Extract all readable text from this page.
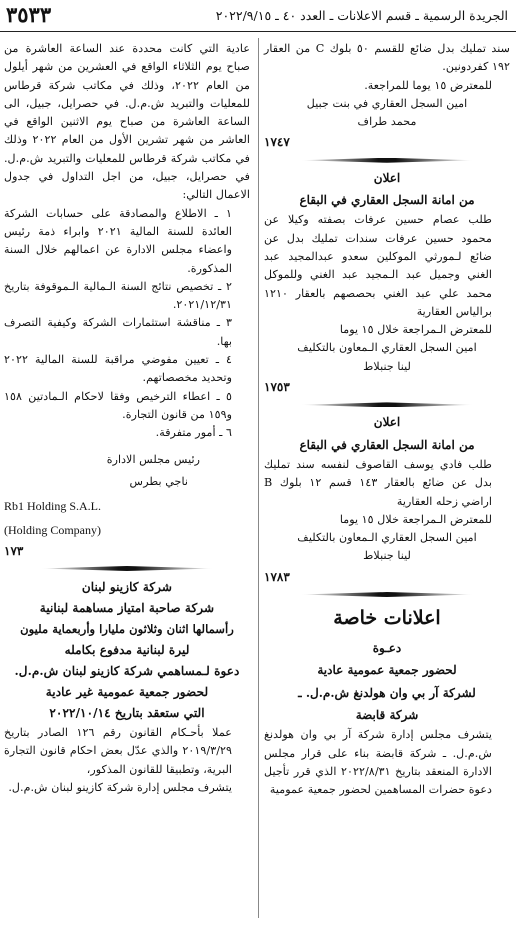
الجريدة الرسمية ـ قسم الاعلانات ـ العدد ٤٠ ـ ٢٠٢٢/٩/١٥
٣٥٣٣

سند تمليك بدل ضائع للقسم ٥٠ بلوك C من العقار ١٩٢ كفردونين.

للمعترض ١٥ يوما للمراجعة.

امين السجل العقاري في بنت جبيل

محمد طراف

١٧٤٧

اعلان

من امانة السجل العقاري في البقاع

طلب عصام حسين عرفات بصفته وكيلا عن محمود حسين عرفات سندات تمليك بدل عن ضائع لـمورثي الموكلين سعدو عبدالمجيد عبد الغني وجميل عبد الـمجيد عبد الغني وللموكل محمد علي عبد الغني بحصصهم بالعقار ١٢١٠ برالياس العقارية

للمعترض الـمراجعة خلال ١٥ يوما

امين السجل العقاري الـمعاون بالتكليف

لينا جنبلاط

١٧٥٣

اعلان

من امانة السجل العقاري في البقاع

طلب فادي يوسف القاصوف لنفسه سند تمليك بدل عن ضائع بالعقار ١٤٣ قسم ١٢ بلوك B اراضي زحله العقارية

للمعترض الـمراجعة خلال ١٥ يوما

امين السجل العقاري الـمعاون بالتكليف

لينا جنبلاط

١٧٨٣

اعلانات خاصة

دعـوة

لحضور جمعية عمومية عادية

لشركة آر بي وان هولدنغ ش.م.ل. ـ

شركة قابضة

يتشرف مجلس إدارة شركة آر بي وان هولدنغ ش.م.ل. ـ شركة قابضة بناء على قرار مجلس الادارة المنعقد بتاريخ ٢٠٢٢/٨/٣١ الذي قرر تأجيل دعوة حضرات المساهمين لحضور جمعية عمومية

عادية التي كانت محددة عند الساعة العاشرة من صباح يوم الثلاثاء الواقع في العشرين من شهر أيلول من العام ٢٠٢٢، وذلك في مكاتب شركة قرطاس للمعليات والتبريد ش.م.ل. في حصرايل، جبيل، الى الساعة العاشرة من صباح يوم الاثنين الواقع في العاشر من شهر تشرين الأول من العام ٢٠٢٢ وذلك في مكاتب شركة قرطاس للمعليات والتبريد ش.م.ل. في حصرايل، جبيل، من اجل التداول في جدول الاعمال التالي:

١ ـ الاطلاع والمصادقة على حسابات الشركة العائدة للسنة المالية ٢٠٢١ وابراء ذمة رئيس واعضاء مجلس الادارة عن اعمالهم خلال السنة المذكورة.

٢ ـ تخصيص نتائج السنة الـمالية الـموقوفة بتاريخ ٢٠٢١/١٢/٣١.

٣ ـ مناقشة استثمارات الشركة وكيفية التصرف بها.

٤ ـ تعيين مفوضي مراقبة للسنة المالية ٢٠٢٢ وتحديد مخصصاتهم.

٥ ـ اعطاء الترخيص وفقا لاحكام الـمادتين ١٥٨ و١٥٩ من قانون التجارة.

٦ ـ أمور متفرقة.

رئيس مجلس الادارة

ناجي بطرس

Rb1 Holding S.A.L.

(Holding Company)

١٧٣

شركة كازينو لبنان

شركة صاحبة امتياز مساهمة لبنانية

رأسمالها اثنان وثلاثون مليارا وأربعماية مليون

ليرة لبنانية مدفوع بكامله

دعوة لـمساهمي شركة كازينو لبنان ش.م.ل.

لحضور جمعية عمومية غير عادية

التي ستعقد بتاريخ ٢٠٢٢/١٠/١٤

عملا بأحـكام القانون رقم ١٢٦ الصادر بتاريخ ٢٠١٩/٣/٢٩ والذي عدّل بعض احكام قانون التجارة البرية، وتطبيقا للقانون المذكور،

يتشرف مجلس إدارة شركة كازينو لبنان ش.م.ل.
